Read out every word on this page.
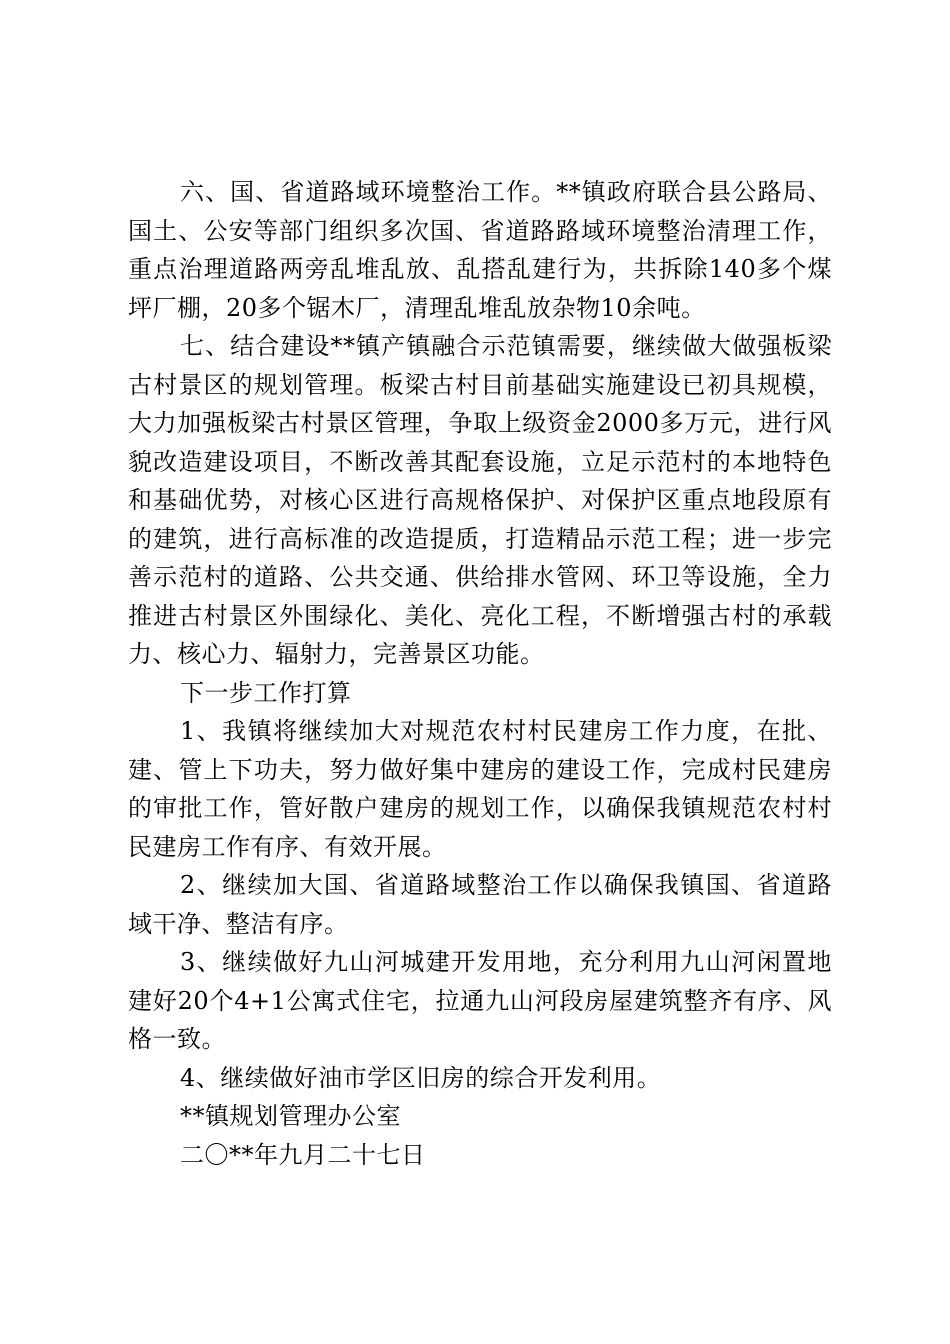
六、国、省道路域环境整治工作。**镇政府联合县公路局、国土、公安等部门组织多次国、省道路路域环境整治清理工作，重点治理道路两旁乱堆乱放、乱搭乱建行为，共拆除140多个煤坪厂棚，20多个锯木厂，清理乱堆乱放杂物10余吨。

七、结合建设**镇产镇融合示范镇需要，继续做大做强板梁古村景区的规划管理。板梁古村目前基础实施建设已初具规模，大力加强板梁古村景区管理，争取上级资金2000多万元，进行风貌改造建设项目，不断改善其配套设施，立足示范村的本地特色和基础优势，对核心区进行高规格保护、对保护区重点地段原有的建筑，进行高标准的改造提质，打造精品示范工程；进一步完善示范村的道路、公共交通、供给排水管网、环卫等设施，全力推进古村景区外围绿化、美化、亮化工程，不断增强古村的承载力、核心力、辐射力，完善景区功能。

下一步工作打算

1、我镇将继续加大对规范农村村民建房工作力度，在批、建、管上下功夫，努力做好集中建房的建设工作，完成村民建房的审批工作，管好散户建房的规划工作，以确保我镇规范农村村民建房工作有序、有效开展。

2、继续加大国、省道路域整治工作以确保我镇国、省道路域干净、整洁有序。

3、继续做好九山河城建开发用地，充分利用九山河闲置地建好20个4+1公寓式住宅，拉通九山河段房屋建筑整齐有序、风格一致。

4、继续做好油市学区旧房的综合开发利用。

**镇规划管理办公室

二〇**年九月二十七日
